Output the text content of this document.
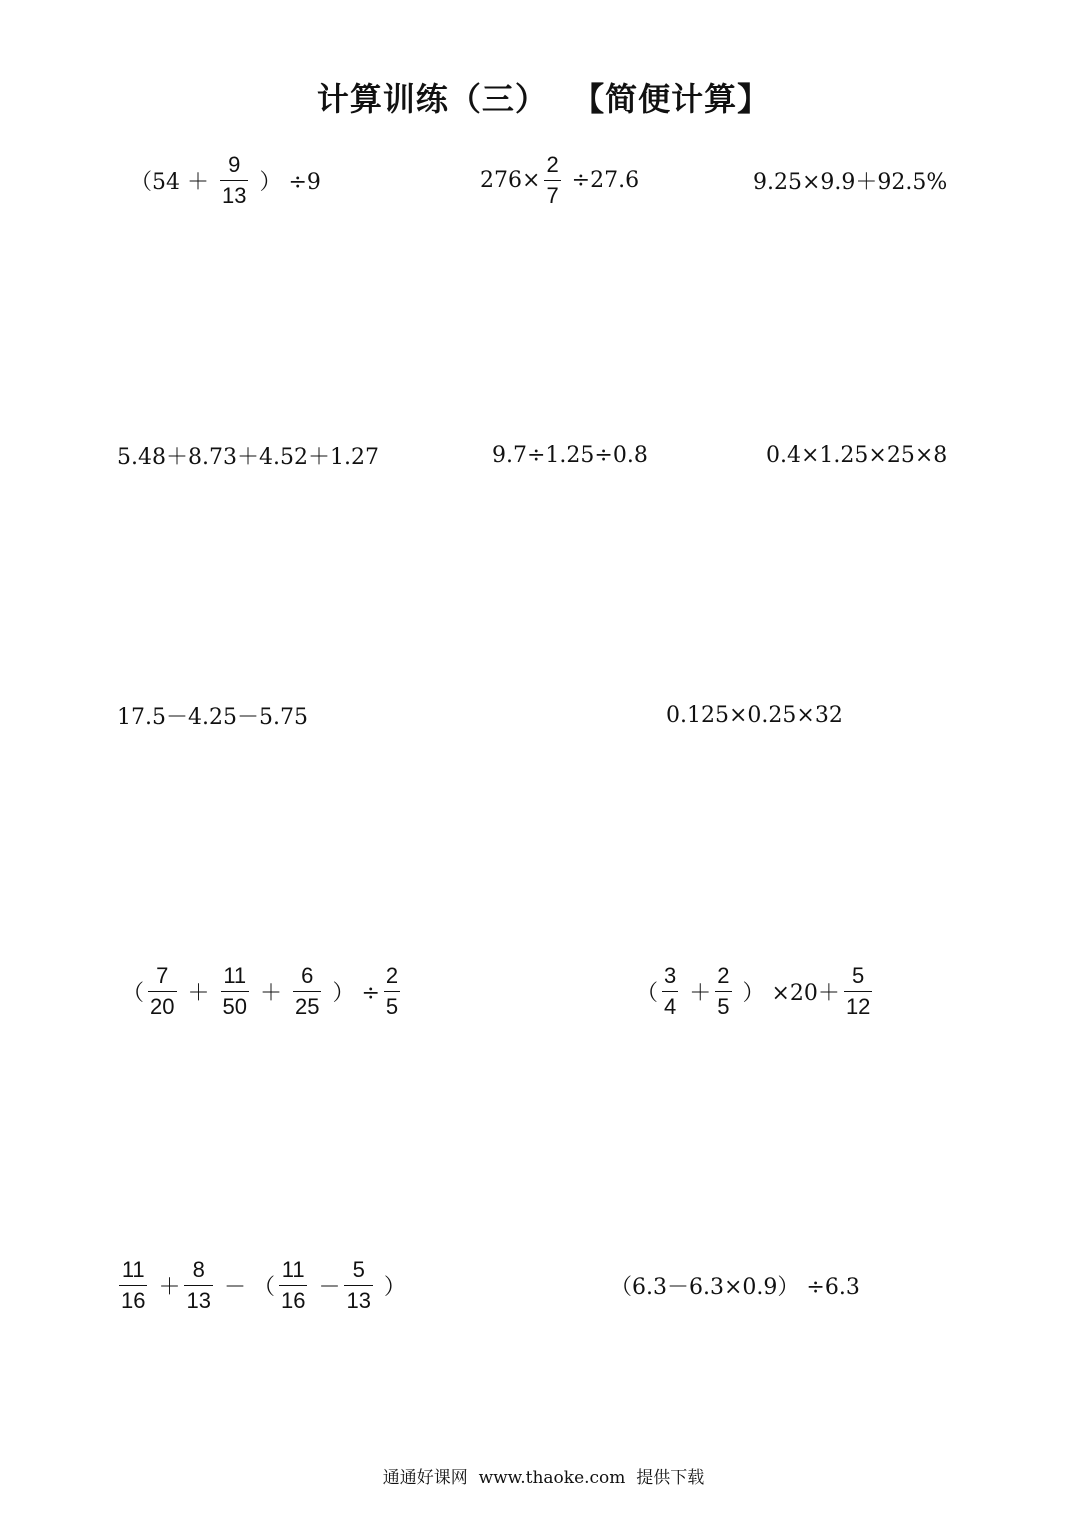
计算训练（三）  【简便计算】
（$54 + \frac{9}{13}$ ） ÷9	$276\times \frac{2}{7} \div 27.6$	9.25×9.9＋92.5%
5.48＋8.73＋4.52＋1.27	9.7÷1.25÷0.8	0.4×1.25×25×8
17.5－4.25－5.75	0.125×0.25×32
（ $\frac{7}{20} + \frac{11}{50} + \frac{6}{25}$ ） ÷ $\frac{2}{5}$	（ $\frac{3}{4} + \frac{2}{5}$ ） $\times 20+ \frac{5}{12}$
$\frac{11}{16} + \frac{8}{13}$ － （ $\frac{11}{16} - \frac{5}{13}$ ）	（6.3－6.3×0.9） ÷6.3
通通好课网  www.thaoke.com  提供下载
